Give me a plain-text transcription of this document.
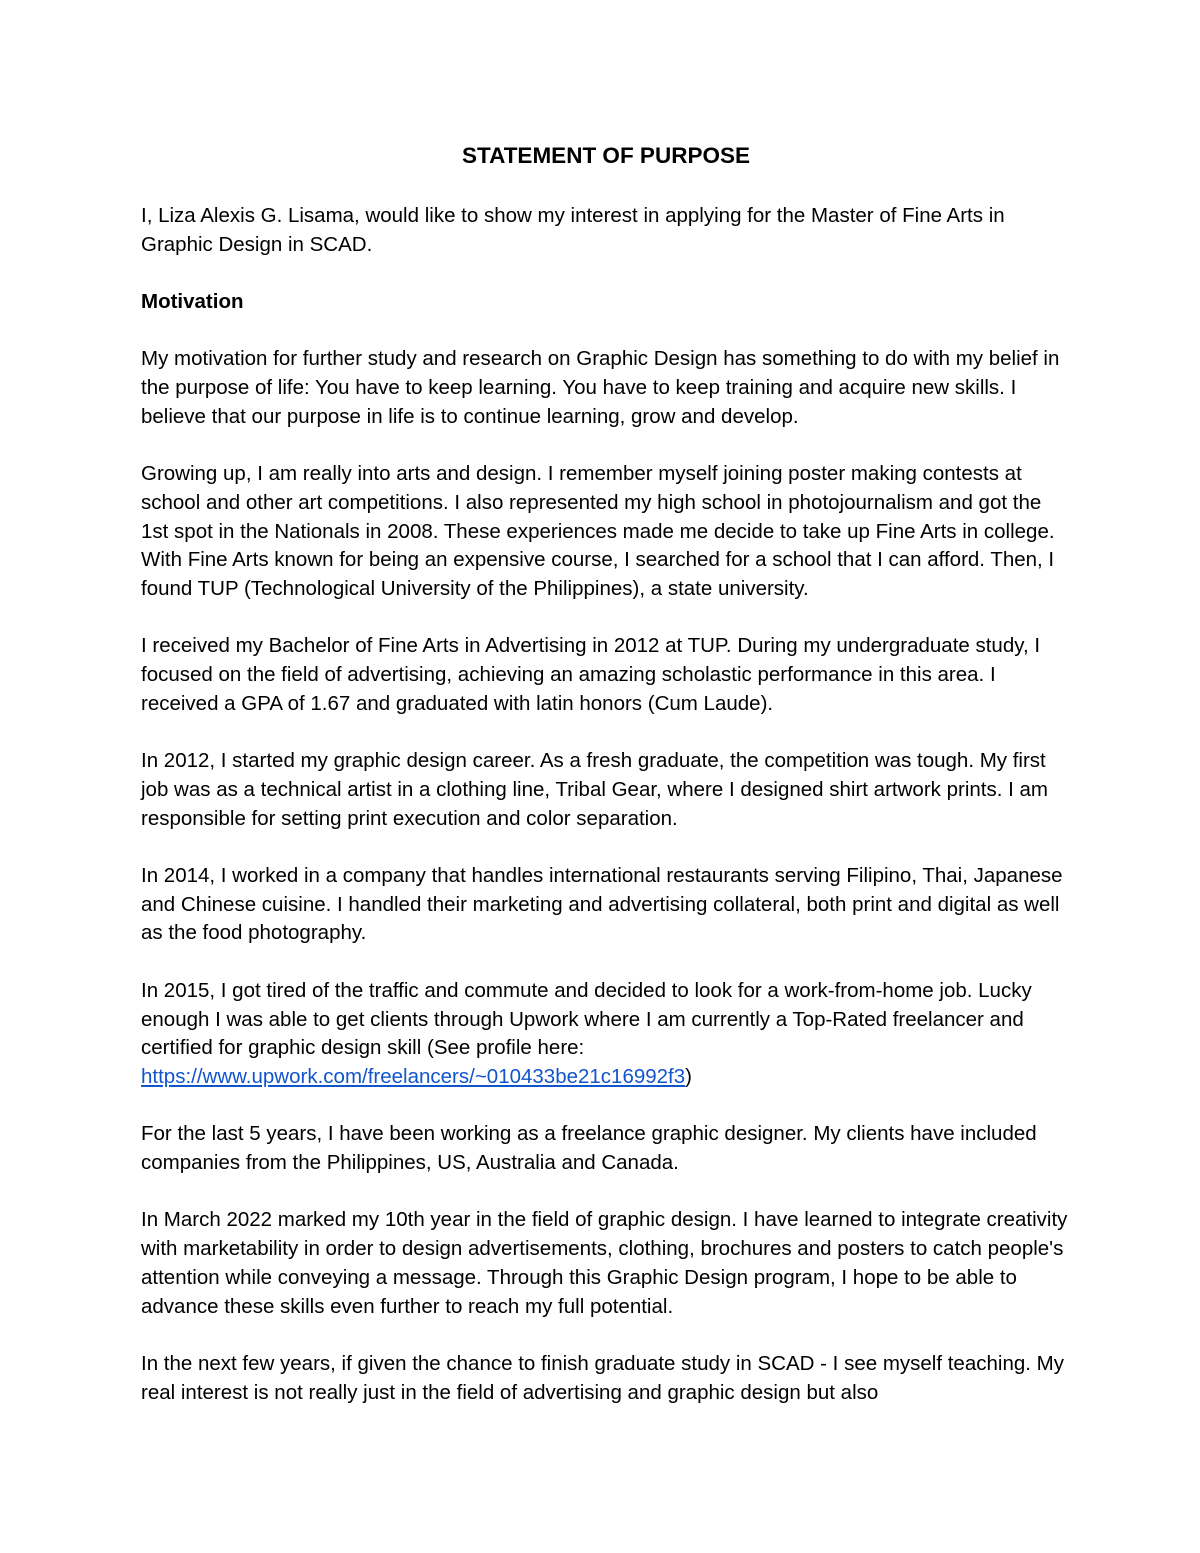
STATEMENT OF PURPOSE

I, Liza Alexis G. Lisama, would like to show my interest in applying for the Master of Fine Arts in Graphic Design in SCAD.

Motivation

My motivation for further study and research on Graphic Design has something to do with my belief in the purpose of life: You have to keep learning. You have to keep training and acquire new skills. I believe that our purpose in life is to continue learning, grow and develop.

Growing up, I am really into arts and design. I remember myself joining poster making contests at school and other art competitions. I also represented my high school in photojournalism and got the 1st spot in the Nationals in 2008. These experiences made me decide to take up Fine Arts in college. With Fine Arts known for being an expensive course, I searched for a school that I can afford. Then, I found TUP (Technological University of the Philippines), a state university.

I received my Bachelor of Fine Arts in Advertising in 2012 at TUP. During my undergraduate study, I focused on the field of advertising, achieving an amazing scholastic performance in this area. I received a GPA of 1.67 and graduated with latin honors (Cum Laude).

In 2012, I started my graphic design career. As a fresh graduate, the competition was tough. My first job was as a technical artist in a clothing line, Tribal Gear, where I designed shirt artwork prints. I am responsible for setting print execution and color separation.

In 2014, I worked in a company that handles international restaurants serving Filipino, Thai, Japanese and Chinese cuisine. I handled their marketing and advertising collateral, both print and digital as well as the food photography.

In 2015, I got tired of the traffic and commute and decided to look for a work-from-home job. Lucky enough I was able to get clients through Upwork where I am currently a Top-Rated freelancer and certified for graphic design skill (See profile here: https://www.upwork.com/freelancers/~010433be21c16992f3)

For the last 5 years, I have been working as a freelance graphic designer. My clients have included companies from the Philippines, US, Australia and Canada.

In March 2022 marked my 10th year in the field of graphic design. I have learned to integrate creativity with marketability in order to design advertisements, clothing, brochures and posters to catch people's attention while conveying a message. Through this Graphic Design program, I hope to be able to advance these skills even further to reach my full potential.

In the next few years, if given the chance to finish graduate study in SCAD - I see myself teaching. My real interest is not really just in the field of advertising and graphic design but also
